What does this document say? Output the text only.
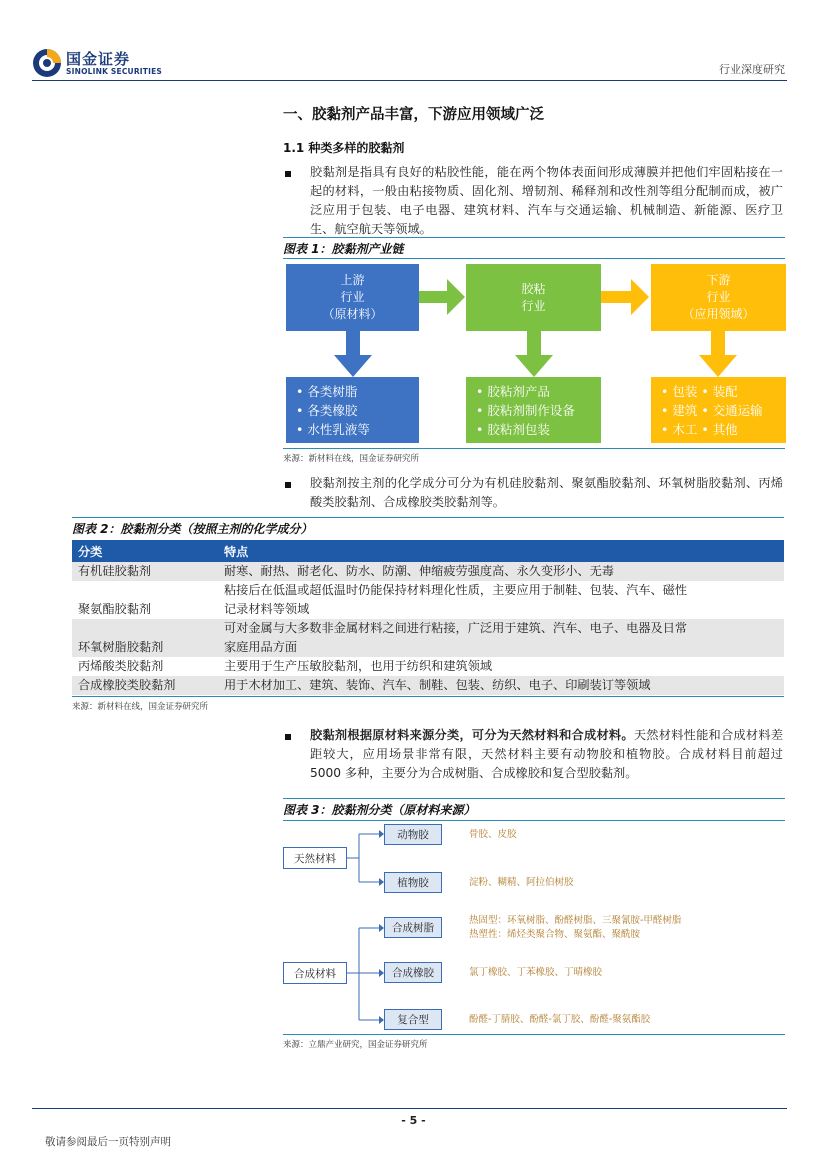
国金证券
SINOLINK SECURITIES	行业深度研究
一、胶黏剂产品丰富，下游应用领域广泛
1.1 种类多样的胶黏剂
胶黏剂是指具有良好的粘胶性能，能在两个物体表面间形成薄膜并把他们牢固粘接在一起的材料，一般由粘接物质、固化剂、增韧剂、稀释剂和改性剂等组分配制而成，被广泛应用于包装、电子电器、建筑材料、汽车与交通运输、机械制造、新能源、医疗卫生、航空航天等领域。
图表 1：胶黏剂产业链
上游
行业
（原材料）
胶粘
行业
下游
行业
（应用领域）
• 各类树脂
• 各类橡胶
• 水性乳液等
• 胶粘剂产品
• 胶粘剂制作设备
• 胶粘剂包装
• 包装 • 装配
• 建筑 • 交通运输
• 木工 • 其他
来源：新材料在线，国金证券研究所
胶黏剂按主剂的化学成分可分为有机硅胶黏剂、聚氨酯胶黏剂、环氧树脂胶黏剂、丙烯酸类胶黏剂、合成橡胶类胶黏剂等。
图表 2：胶黏剂分类（按照主剂的化学成分）
分类	特点
有机硅胶黏剂	耐寒、耐热、耐老化、防水、防潮、伸缩疲劳强度高、永久变形小、无毒

聚氨酯胶黏剂	粘接后在低温或超低温时仍能保持材料理化性质，主要应用于制鞋、包装、汽车、磁性
记录材料等领域

环氧树脂胶黏剂	可对金属与大多数非金属材料之间进行粘接，广泛用于建筑、汽车、电子、电器及日常
家庭用品方面

丙烯酸类胶黏剂	主要用于生产压敏胶黏剂，也用于纺织和建筑领域

合成橡胶类胶黏剂	用于木材加工、建筑、装饰、汽车、制鞋、包装、纺织、电子、印刷装订等领域
来源：新材料在线，国金证券研究所
胶黏剂根据原材料来源分类，可分为天然材料和合成材料。天然材料性能和合成材料差距较大，应用场景非常有限，天然材料主要有动物胶和植物胶。合成材料目前超过 5000 多种，主要分为合成树脂、合成橡胶和复合型胶黏剂。
图表 3：胶黏剂分类（原材料来源）
天然材料
动物胶
植物胶
合成材料
合成树脂
合成橡胶
复合型
骨胶、皮胶
淀粉、糊精、阿拉伯树胶
热固型：环氧树脂、酚醛树脂、三聚氰胺-甲醛树脂
热塑性：烯烃类聚合物、聚氨酯、聚酰胺
氯丁橡胶、丁苯橡胶、丁晴橡胶
酚醛-丁腈胶、酚醛-氯丁胶、酚醛-聚氨酯胶
来源：立鼎产业研究，国金证券研究所
- 5 -
敬请参阅最后一页特别声明
